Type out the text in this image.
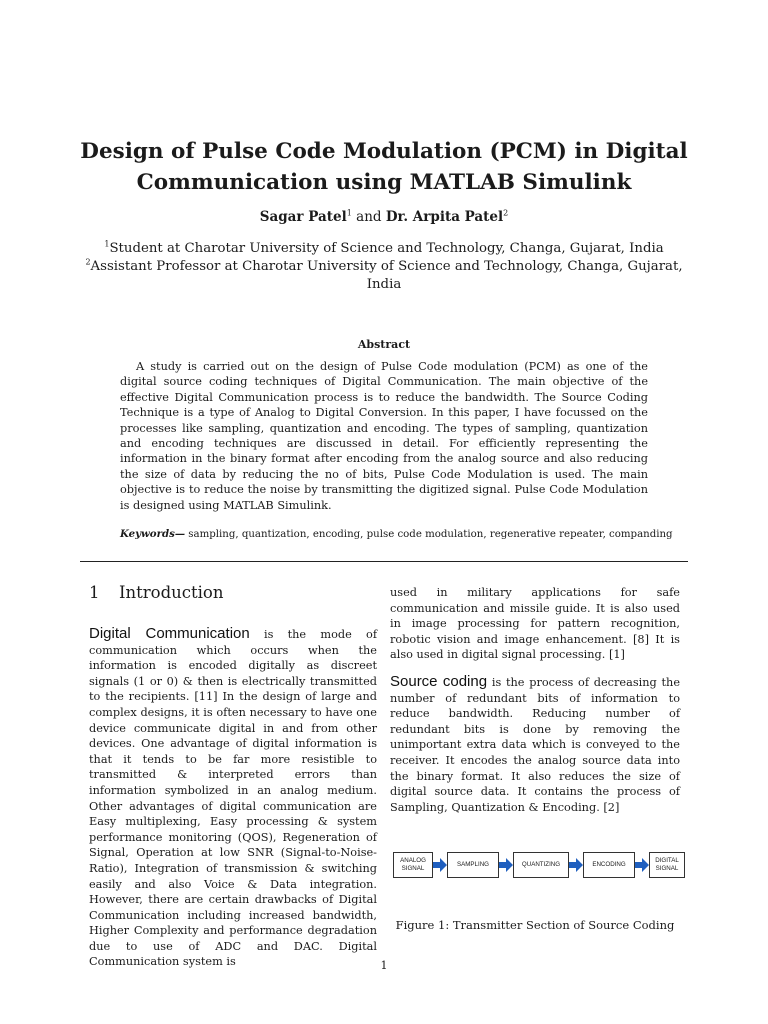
Design of Pulse Code Modulation (PCM) in Digital Communication using MATLAB Simulink
Sagar Patel$^1$ and Dr. Arpita Patel$^2$
$^1$Student at Charotar University of Science and Technology, Changa, Gujarat, India
$^2$Assistant Professor at Charotar University of Science and Technology, Changa, Gujarat, India
Abstract

A study is carried out on the design of Pulse Code modulation (PCM) as one of the digital source coding techniques of Digital Communication. The main objective of the effective Digital Communication process is to reduce the bandwidth. The Source Coding Technique is a type of Analog to Digital Conversion. In this paper, I have focussed on the processes like sampling, quantization and encoding. The types of sampling, quantization and encoding techniques are discussed in detail. For efficiently representing the information in the binary format after encoding from the analog source and also reducing the size of data by reducing the no of bits, Pulse Code Modulation is used. The main objective is to reduce the noise by transmitting the digitized signal. Pulse Code Modulation is designed using MATLAB Simulink.

Keywords— sampling, quantization, encoding, pulse code modulation, regenerative repeater, companding
1 Introduction

Digital Communication is the mode of communication which occurs when the information is encoded digitally as discreet signals (1 or 0) & then is electrically transmitted to the recipients. [11] In the design of large and complex designs, it is often necessary to have one device communicate digital in and from other devices. One advantage of digital information is that it tends to be far more resistible to transmitted & interpreted errors than information symbolized in an analog medium. Other advantages of digital communication are Easy multiplexing, Easy processing & system performance monitoring (QOS), Regeneration of Signal, Operation at low SNR (Signal-to-Noise-Ratio), Integration of transmission & switching easily and also Voice & Data integration. However, there are certain drawbacks of Digital Communication including increased bandwidth, Higher Complexity and performance degradation due to use of ADC and DAC. Digital Communication system is

used in military applications for safe communication and missile guide. It is also used in image processing for pattern recognition, robotic vision and image enhancement. [8] It is also used in digital signal processing. [1]

Source coding is the process of decreasing the number of redundant bits of information to reduce bandwidth. Reducing number of redundant bits is done by removing the unimportant extra data which is conveyed to the receiver. It encodes the analog source data into the binary format. It also reduces the size of digital source data. It contains the process of Sampling, Quantization & Encoding. [2]

ANALOG
SIGNAL
SAMPLING	QUANTIZING	ENCODING
DIGITAL
SIGNAL
Figure 1: Transmitter Section of Source Coding
1
